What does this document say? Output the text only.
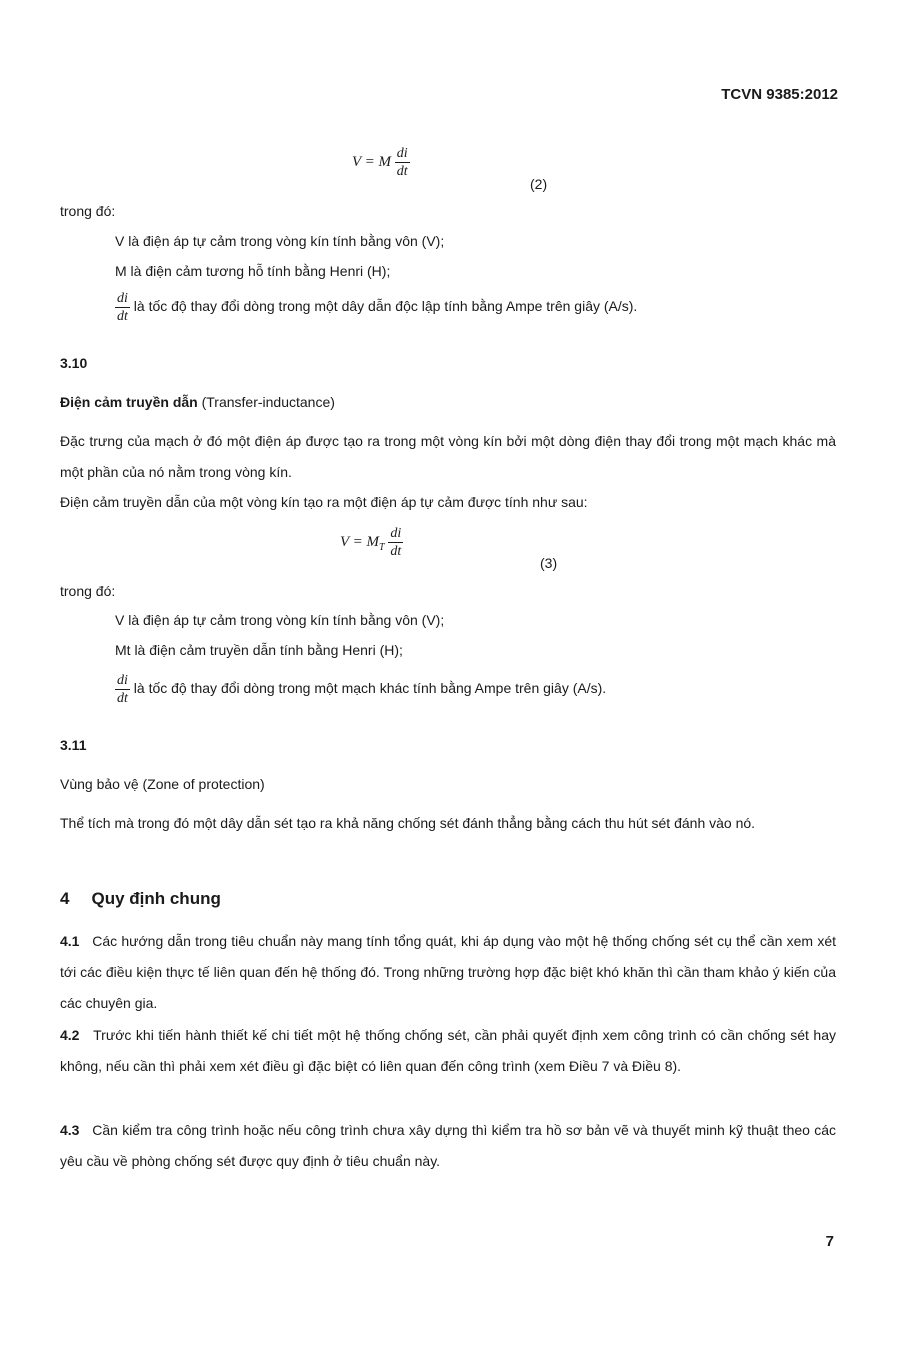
TCVN 9385:2012
V = M $\frac{di}{dt}$
(2)
trong đó:
V là điện áp tự cảm trong vòng kín tính bằng vôn (V);
M là điện cảm tương hỗ tính bằng Henri (H);
$\frac{di}{dt}$ là tốc độ thay đổi dòng trong một dây dẫn độc lập tính bằng Ampe trên giây (A/s).
3.10
Điện cảm truyền dẫn (Transfer-inductance)
Đặc trưng của mạch ở đó một điện áp được tạo ra trong một vòng kín bởi một dòng điện thay đổi trong một mạch khác mà một phần của nó nằm trong vòng kín.
Điện cảm truyền dẫn của một vòng kín tạo ra một điện áp tự cảm được tính như sau:
$V = M_T \frac{di}{dt}$
(3)
trong đó:
V là điện áp tự cảm trong vòng kín tính bằng vôn (V);
Mt là điện cảm truyền dẫn tính bằng Henri (H);
$\frac{di}{dt}$ là tốc độ thay đổi dòng trong một mạch khác tính bằng Ampe trên giây (A/s).
3.11
Vùng bảo vệ (Zone of protection)
Thể tích mà trong đó một dây dẫn sét tạo ra khả năng chống sét đánh thẳng bằng cách thu hút sét đánh vào nó.
4 Quy định chung
4.1 Các hướng dẫn trong tiêu chuẩn này mang tính tổng quát, khi áp dụng vào một hệ thống chống sét cụ thể cần xem xét tới các điều kiện thực tế liên quan đến hệ thống đó. Trong những trường hợp đặc biệt khó khăn thì cần tham khảo ý kiến của các chuyên gia.
4.2 Trước khi tiến hành thiết kế chi tiết một hệ thống chống sét, cần phải quyết định xem công trình có cần chống sét hay không, nếu cần thì phải xem xét điều gì đặc biệt có liên quan đến công trình (xem Điều 7 và Điều 8).
4.3 Cần kiểm tra công trình hoặc nếu công trình chưa xây dựng thì kiểm tra hồ sơ bản vẽ và thuyết minh kỹ thuật theo các yêu cầu về phòng chống sét được quy định ở tiêu chuẩn này.
7
